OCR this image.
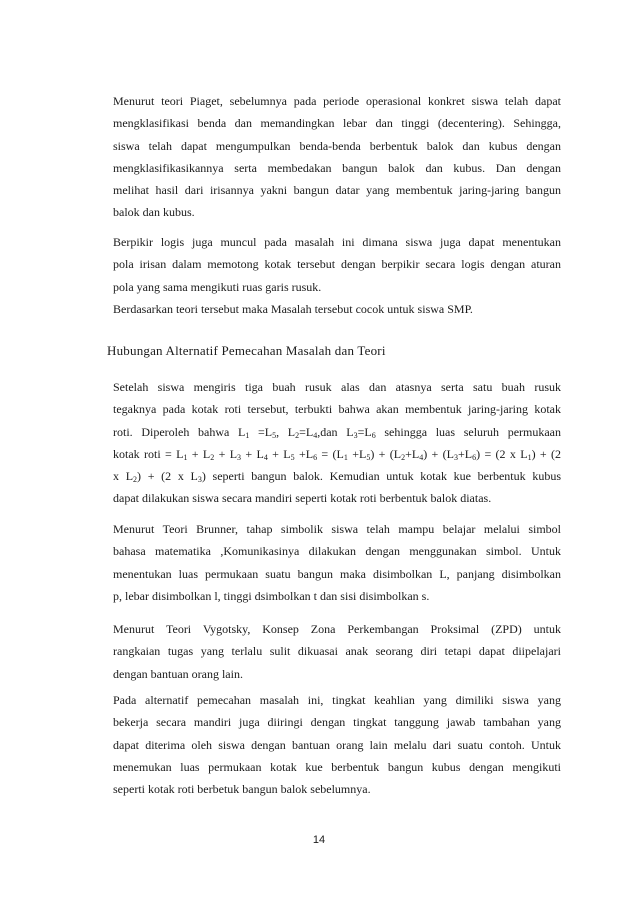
Menurut teori Piaget, sebelumnya pada periode operasional konkret siswa telah dapat
mengklasifikasi benda dan memandingkan lebar dan tinggi (decentering). Sehingga,
siswa telah dapat mengumpulkan benda-benda berbentuk balok dan kubus dengan
mengklasifikasikannya serta membedakan bangun balok dan kubus. Dan dengan
melihat hasil dari irisannya yakni bangun datar yang membentuk jaring-jaring bangun
balok dan kubus.
Berpikir logis juga muncul pada masalah ini dimana siswa juga dapat menentukan
pola irisan dalam memotong kotak tersebut dengan berpikir secara logis dengan aturan
pola yang sama mengikuti ruas garis rusuk.
Berdasarkan teori tersebut maka Masalah tersebut cocok untuk siswa SMP.
Hubungan Alternatif Pemecahan Masalah dan Teori
Setelah siswa mengiris tiga buah rusuk alas dan atasnya serta satu buah rusuk
tegaknya pada kotak roti tersebut, terbukti bahwa akan membentuk jaring-jaring kotak
roti. Diperoleh bahwa $L_1 =L_5$, $L_2=L_4,dan$ $L_3=L_6$ sehingga luas seluruh permukaan
kotak roti = $L_1 + L_2 + L_3 + L_4 + L_5 +L_6 = (L_1 +L_5) + (L_2+L_4) + (L_3+L_6) = (2$ x $L_1) + (2$
x $L_2) + (2$ x $L_3$) seperti bangun balok. Kemudian untuk kotak kue berbentuk kubus
dapat dilakukan siswa secara mandiri seperti kotak roti berbentuk balok diatas.
Menurut Teori Brunner, tahap simbolik siswa telah mampu belajar melalui simbol
bahasa matematika ,Komunikasinya dilakukan dengan menggunakan simbol. Untuk
menentukan luas permukaan suatu bangun maka disimbolkan L, panjang disimbolkan
p, lebar disimbolkan l, tinggi dsimbolkan t dan sisi disimbolkan s.
Menurut Teori Vygotsky, Konsep Zona Perkembangan Proksimal (ZPD) untuk
rangkaian tugas yang terlalu sulit dikuasai anak seorang diri tetapi dapat diipelajari
dengan bantuan orang lain.
Pada alternatif pemecahan masalah ini, tingkat keahlian yang dimiliki siswa yang
bekerja secara mandiri juga diiringi dengan tingkat tanggung jawab tambahan yang
dapat diterima oleh siswa dengan bantuan orang lain melalu dari suatu contoh. Untuk
menemukan luas permukaan kotak kue berbentuk bangun kubus dengan mengikuti
seperti kotak roti berbetuk bangun balok sebelumnya.
14
